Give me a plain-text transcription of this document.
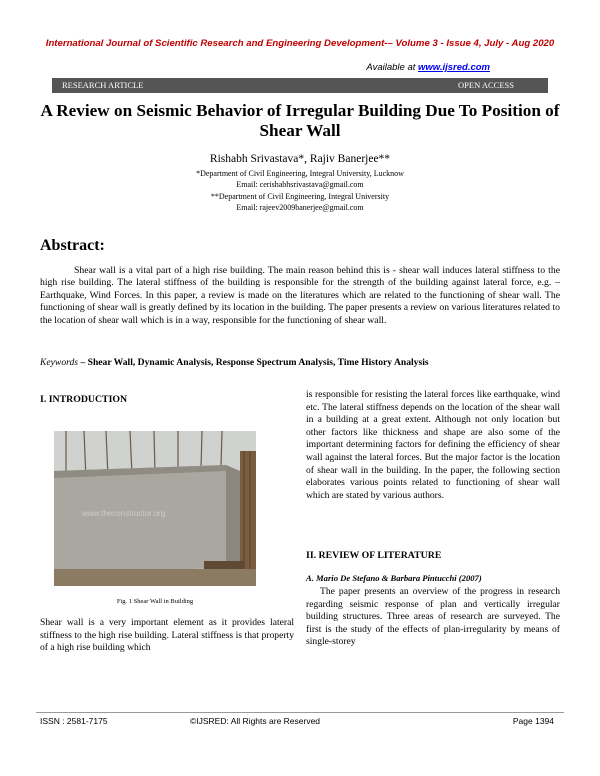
International Journal of Scientific Research and Engineering Development-– Volume 3 - Issue 4, July - Aug 2020
Available at www.ijsred.com
RESEARCH ARTICLE	OPEN ACCESS
A Review on Seismic Behavior of Irregular Building Due To Position of Shear Wall
Rishabh Srivastava*, Rajiv Banerjee**
*Department of Civil Engineering, Integral University, Lucknow
Email: cerishabhsrivastava@gmail.com
**Department of Civil Engineering, Integral University
Email: rajeev2009banerjee@gmail.com
Abstract:
Shear wall is a vital part of a high rise building. The main reason behind this is - shear wall induces lateral stiffness to the high rise building. The lateral stiffness of the building is responsible for the strength of the building against lateral force, e.g. – Earthquake, Wind Forces. In this paper, a review is made on the literatures which are related to the functioning of shear wall. The functioning of shear wall is greatly defined by its location in the building. The paper presents a review on various literatures related to the location of shear wall which is in a way, responsible for the functioning of shear wall.
Keywords – Shear Wall, Dynamic Analysis, Response Spectrum Analysis, Time History Analysis
I. INTRODUCTION
www.theconstructor.org
Fig. 1 Shear Wall in Building
Shear wall is a very important element as it provides lateral stiffness to the high rise building. Lateral stiffness is that property of a high rise building which
is responsible for resisting the lateral forces like earthquake, wind etc. The lateral stiffness depends on the location of the shear wall in a building at a great extent. Although not only location but other factors like thickness and shape are also some of the important determining factors for defining the efficiency of shear wall against the lateral forces. But the major factor is the location of shear wall in the building. In the paper, the following section elaborates various points related to functioning of shear wall which are stated by various authors.
II. REVIEW OF LITERATURE
A. Mario De Stefano & Barbara Pintucchi (2007)
The paper presents an overview of the progress in research regarding seismic response of plan and vertically irregular building structures. Three areas of research are surveyed. The first is the study of the effects of plan-irregularity by means of single-storey
ISSN : 2581-7175	©IJSRED: All Rights are Reserved	Page 1394
